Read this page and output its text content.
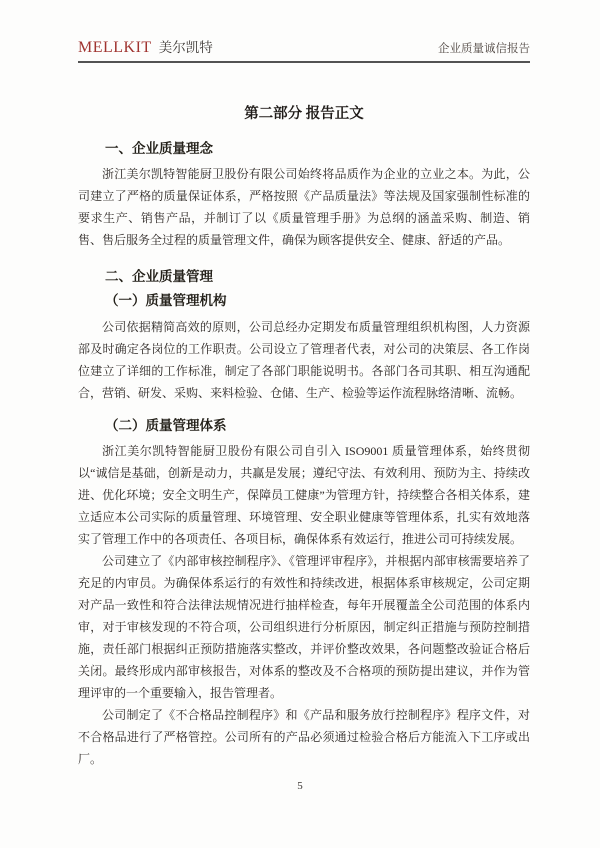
MELLKIT 美尔凯特	企业质量诚信报告
第二部分 报告正文
一、企业质量理念

浙江美尔凯特智能厨卫股份有限公司始终将品质作为企业的立业之本。为此，公司建立了严格的质量保证体系，严格按照《产品质量法》等法规及国家强制性标准的要求生产、销售产品，并制订了以《质量管理手册》为总纲的涵盖采购、制造、销售、售后服务全过程的质量管理文件，确保为顾客提供安全、健康、舒适的产品。

二、企业质量管理
（一）质量管理机构

公司依据精简高效的原则，公司总经办定期发布质量管理组织机构图，人力资源部及时确定各岗位的工作职责。公司设立了管理者代表，对公司的决策层、各工作岗位建立了详细的工作标准，制定了各部门职能说明书。各部门各司其职、相互沟通配合，营销、研发、采购、来料检验、仓储、生产、检验等运作流程脉络清晰、流畅。

（二）质量管理体系

浙江美尔凯特智能厨卫股份有限公司自引入 ISO9001 质量管理体系，始终贯彻以“诚信是基础，创新是动力，共赢是发展；遵纪守法、有效利用、预防为主、持续改进、优化环境；安全文明生产，保障员工健康”为管理方针，持续整合各相关体系，建立适应本公司实际的质量管理、环境管理、安全职业健康等管理体系，扎实有效地落实了管理工作中的各项责任、各项目标，确保体系有效运行，推进公司可持续发展。

公司建立了《内部审核控制程序》、《管理评审程序》，并根据内部审核需要培养了充足的内审员。为确保体系运行的有效性和持续改进，根据体系审核规定，公司定期对产品一致性和符合法律法规情况进行抽样检查，每年开展覆盖全公司范围的体系内审，对于审核发现的不符合项，公司组织进行分析原因，制定纠正措施与预防控制措施，责任部门根据纠正预防措施落实整改，并评价整改效果，各问题整改验证合格后关闭。最终形成内部审核报告，对体系的整改及不合格项的预防提出建议，并作为管理评审的一个重要输入，报告管理者。

公司制定了《不合格品控制程序》和《产品和服务放行控制程序》程序文件，对不合格品进行了严格管控。公司所有的产品必须通过检验合格后方能流入下工序或出厂。

5
